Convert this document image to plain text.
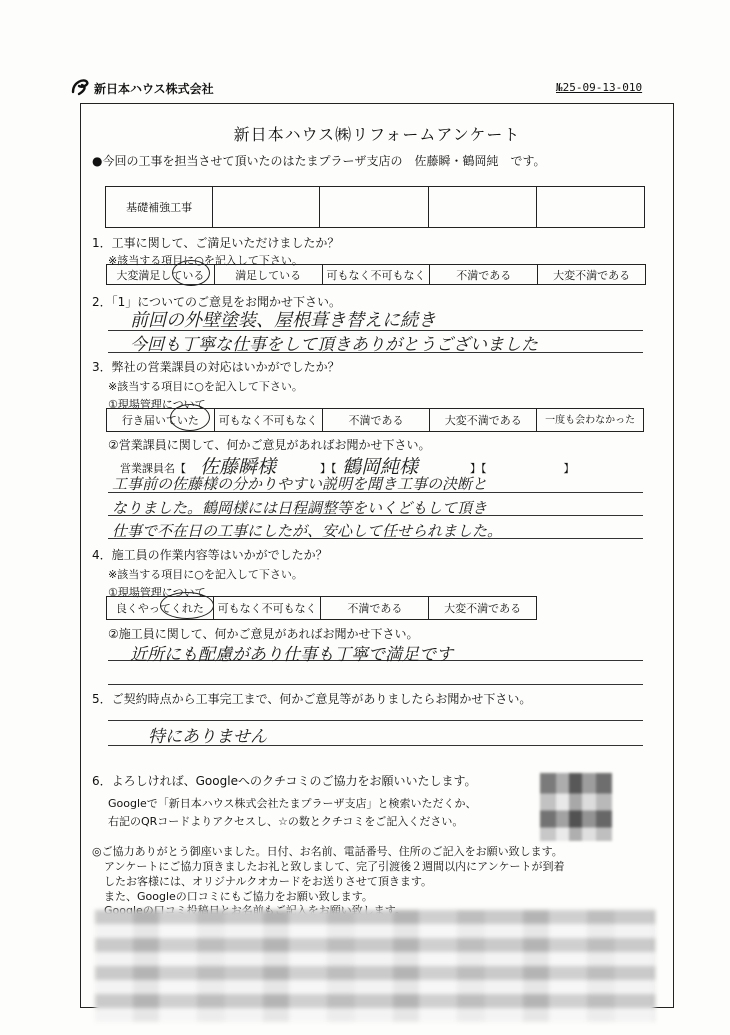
新日本ハウス株式会社	№25-09-13-010
新日本ハウス㈱リフォームアンケート
●今回の工事を担当させて頂いたのはたまプラーザ支店の　佐藤瞬・鶴岡純　です。
基礎補強工事				
1．工事に関して、ご満足いただけましたか？
※該当する項目に○を記入して下さい。
大変満足している	満足している	可もなく不可もなく	不満である	大変不満である
2．「1」についてのご意見をお聞かせ下さい。
前回の外壁塗装、屋根葺き替えに続き
今回も丁寧な仕事をして頂きありがとうございました
3．弊社の営業課員の対応はいかがでしたか？
※該当する項目に○を記入して下さい。
①現場管理について
行き届いていた	可もなく不可もなく	不満である	大変不満である	一度も会わなかった
②営業課員に関して、何かご意見があればお聞かせ下さい。
営業課員名【 佐藤瞬様	】【 鶴岡純様	】【　　　　　　　】
工事前の佐藤様の分かりやすい説明を聞き工事の決断と
なりました。鶴岡様には日程調整等をいくどもして頂き
仕事で不在日の工事にしたが、安心して任せられました。
4．施工員の作業内容等はいかがでしたか？
※該当する項目に○を記入して下さい。
①現場管理について
良くやってくれた	可もなく不可もなく	不満である	大変不満である
②施工員に関して、何かご意見があればお聞かせ下さい。
近所にも配慮があり仕事も丁寧で満足です
5．ご契約時点から工事完工まで、何かご意見等がありましたらお聞かせ下さい。
特にありません
6．よろしければ、Googleへのクチコミのご協力をお願いいたします。
Googleで「新日本ハウス株式会社たまプラーザ支店」と検索いただくか、
右記のQRコードよりアクセスし、☆の数とクチコミをご記入ください。
◎ご協力ありがとう御座いました。日付、お名前、電話番号、住所のご記入をお願い致します。
アンケートにご協力頂きましたお礼と致しまして、完了引渡後２週間以内にアンケートが到着
したお客様には、オリジナルクオカードをお送りさせて頂きます。
また、Googleの口コミにもご協力をお願い致します。
